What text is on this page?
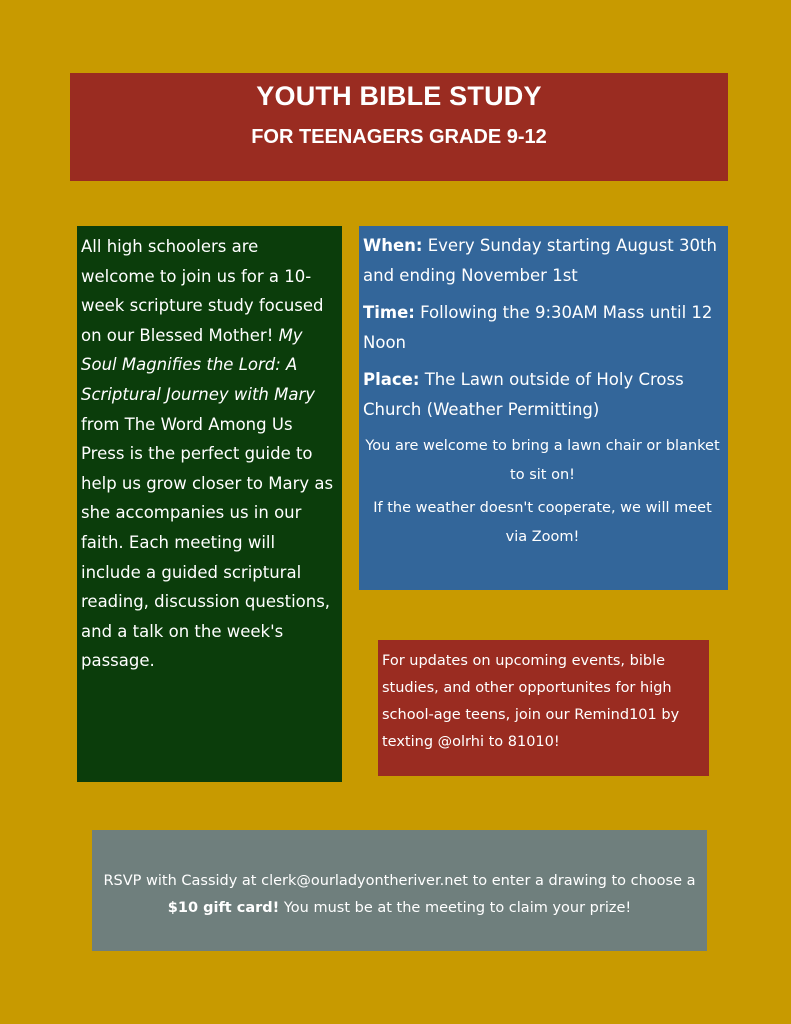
YOUTH BIBLE STUDY
FOR TEENAGERS GRADE 9-12

All high schoolers are welcome to join us for a 10-week scripture study focused on our Blessed Mother! My Soul Magnifies the Lord: A Scriptural Journey with Mary from The Word Among Us Press is the perfect guide to help us grow closer to Mary as she accompanies us in our faith. Each meeting will include a guided scriptural reading, discussion questions, and a talk on the week's passage.

When: Every Sunday starting August 30th and ending November 1st

Time: Following the 9:30AM Mass until 12 Noon

Place: The Lawn outside of Holy Cross Church (Weather Permitting)

You are welcome to bring a lawn chair or blanket to sit on!

If the weather doesn't cooperate, we will meet via Zoom!

For updates on upcoming events, bible studies, and other opportunites for high school-age teens, join our Remind101 by texting @olrhi to 81010!

RSVP with Cassidy at clerk@ourladyontheriver.net to enter a drawing to choose a $10 gift card! You must be at the meeting to claim your prize!
